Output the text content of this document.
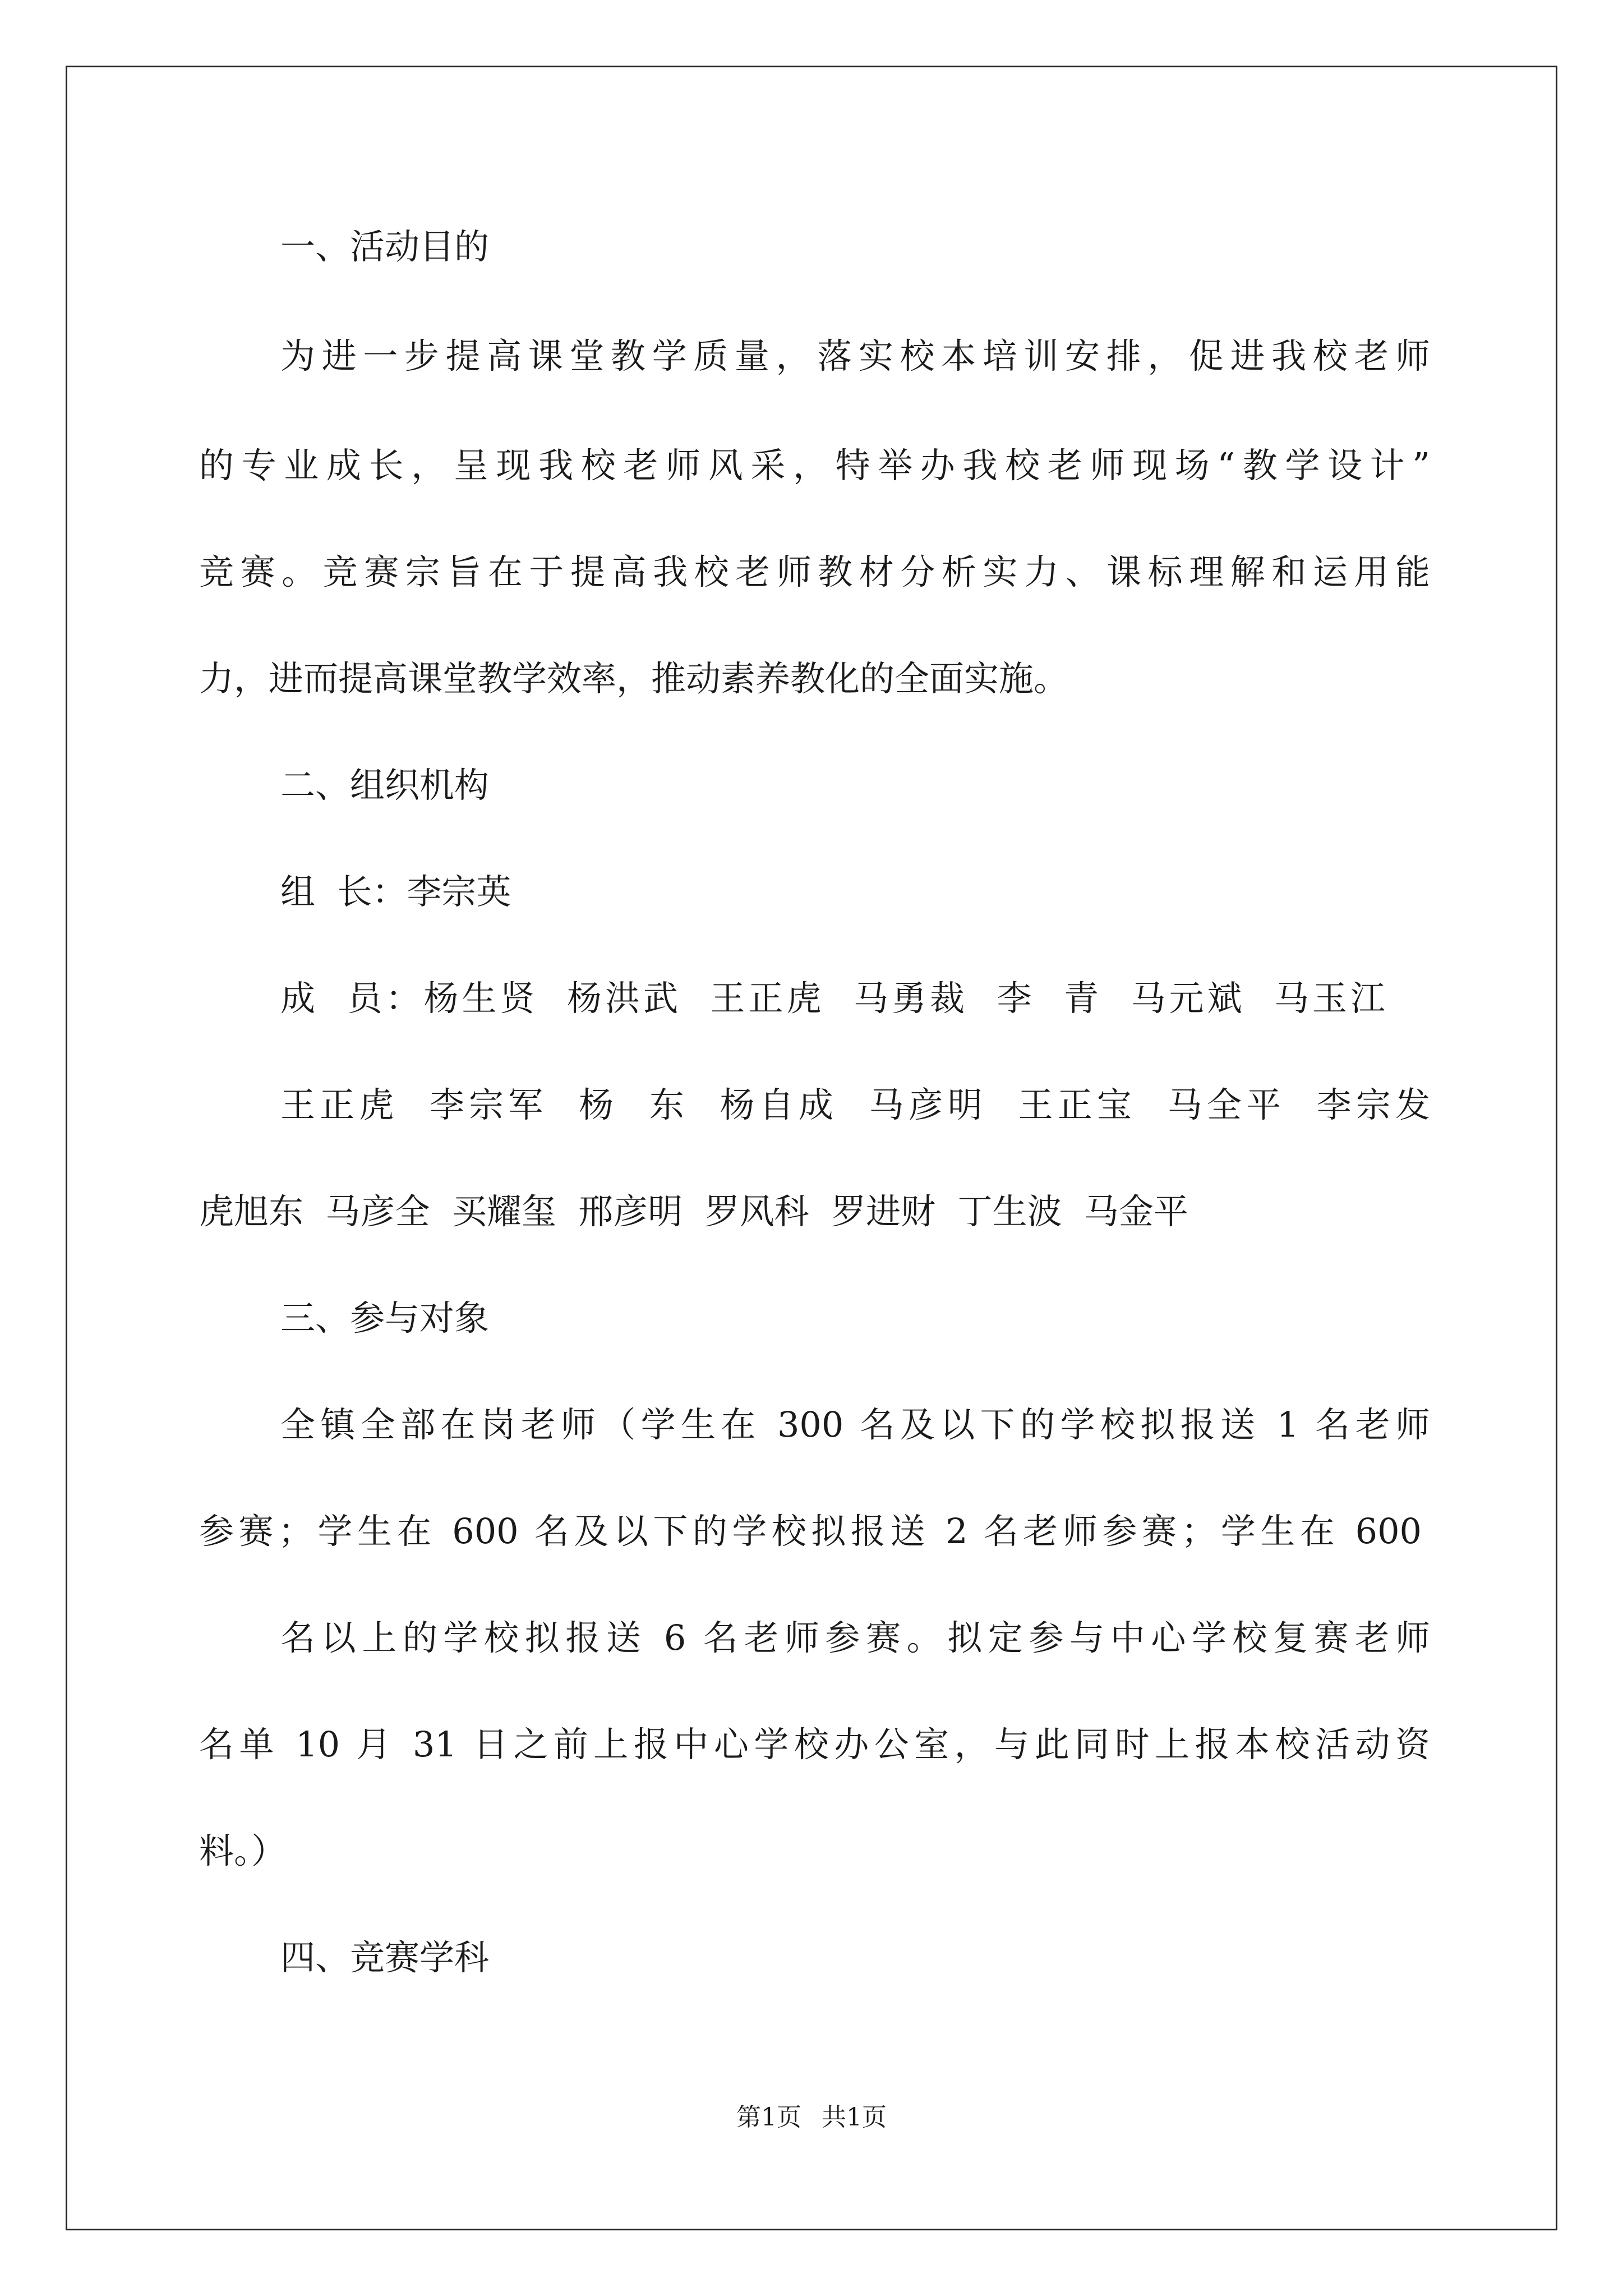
一、活动目的
为进一步提高课堂教学质量，落实校本培训安排，促进我校老师
的专业成长，呈现我校老师风采，特举办我校老师现场“教学设计”
竞赛。竞赛宗旨在于提高我校老师教材分析实力、课标理解和运用能
力，进而提高课堂教学效率，推动素养教化的全面实施。
二、组织机构
组  长：李宗英
成  员：杨生贤  杨洪武  王正虎  马勇裁  李  青  马元斌  马玉江
王正虎  李宗军  杨  东  杨自成  马彦明  王正宝  马全平  李宗发
虎旭东  马彦全  买耀玺  邢彦明  罗风科  罗进财  丁生波  马金平
三、参与对象
全镇全部在岗老师（学生在 300 名及以下的学校拟报送 1 名老师
参赛；学生在 600 名及以下的学校拟报送 2 名老师参赛；学生在 600
名以上的学校拟报送 6 名老师参赛。拟定参与中心学校复赛老师
名单 10 月 31 日之前上报中心学校办公室，与此同时上报本校活动资
料。）
四、竞赛学科
第1页 共1页
